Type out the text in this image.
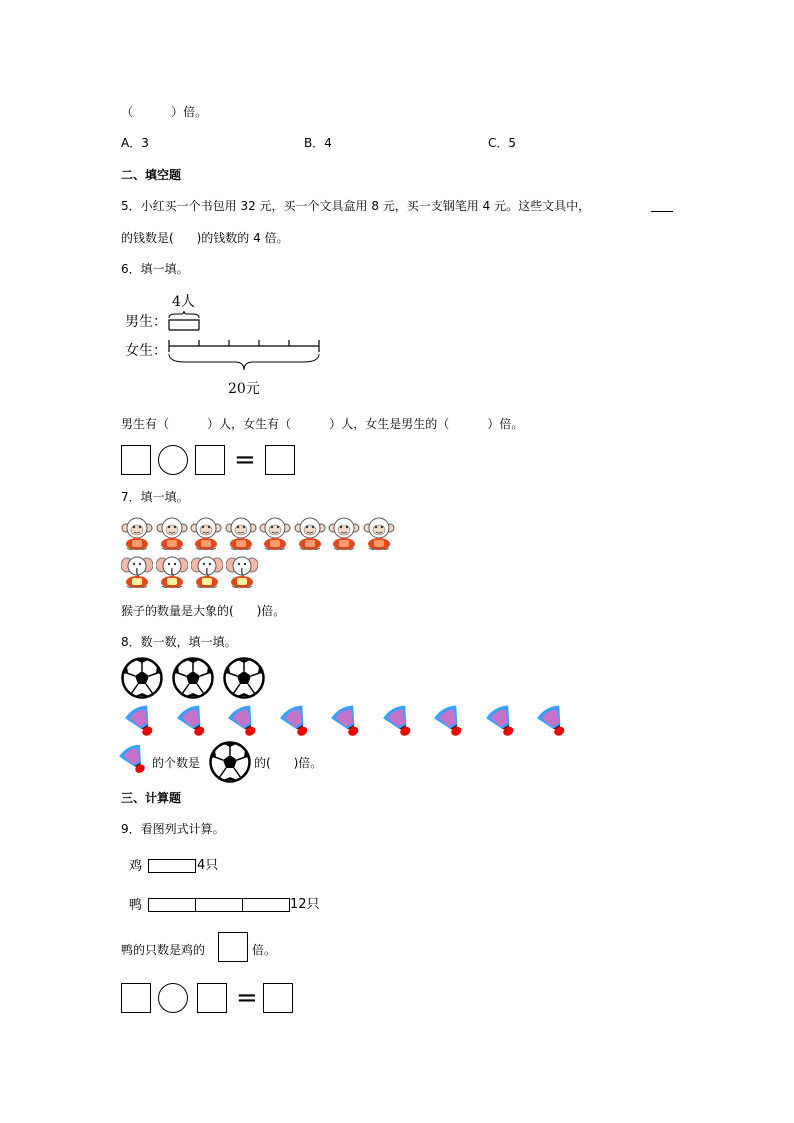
（          ）倍。
A．3	B．4	C．5
二、填空题
5．小红买一个书包用 32 元，买一个文具盒用 8 元，买一支钢笔用 4 元。这些文具中，
的钱数是(      )的钱数的 4 倍。
6．填一填。
4人
男生：
女生：
20元
男生有（          ）人，女生有（          ）人，女生是男生的（          ）倍。
=
7．填一填。
猴子的数量是大象的(      )倍。
8．数一数，填一填。
的个数是	的(      )倍。
三、计算题
9．看图列式计算。
鸡	4只
鸭	12只
鸭的只数是鸡的	倍。
=
